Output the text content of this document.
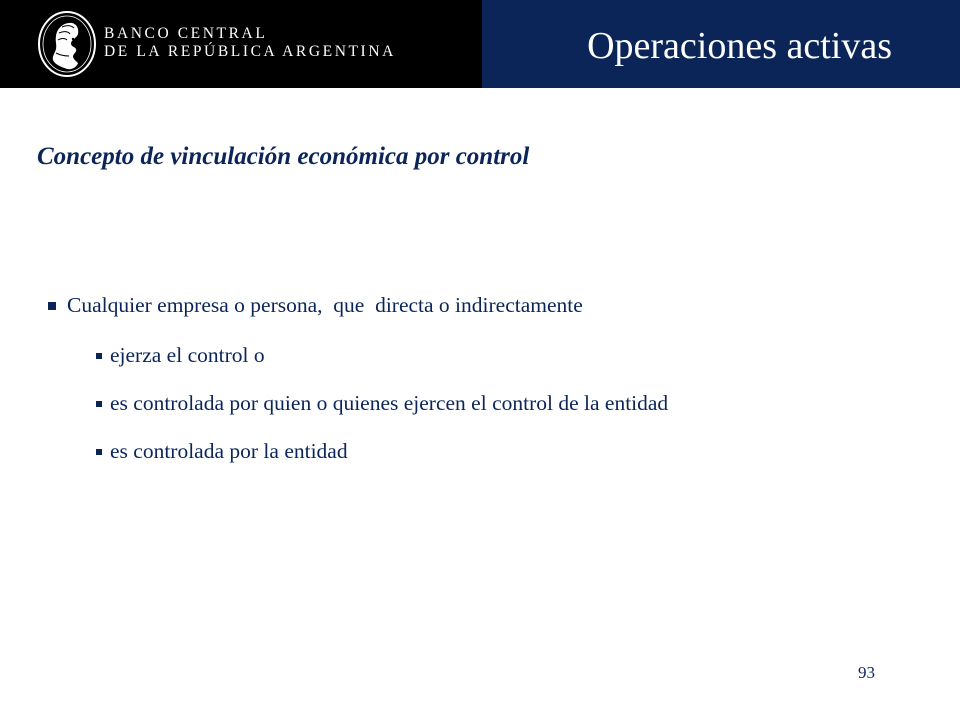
BANCO CENTRAL
DE LA REPÚBLICA ARGENTINA	Operaciones activas
Concepto de vinculación económica por control
Cualquier empresa o persona,  que  directa o indirectamente
ejerza el control o
es controlada por quien o quienes ejercen el control de la entidad
es controlada por la entidad
93
